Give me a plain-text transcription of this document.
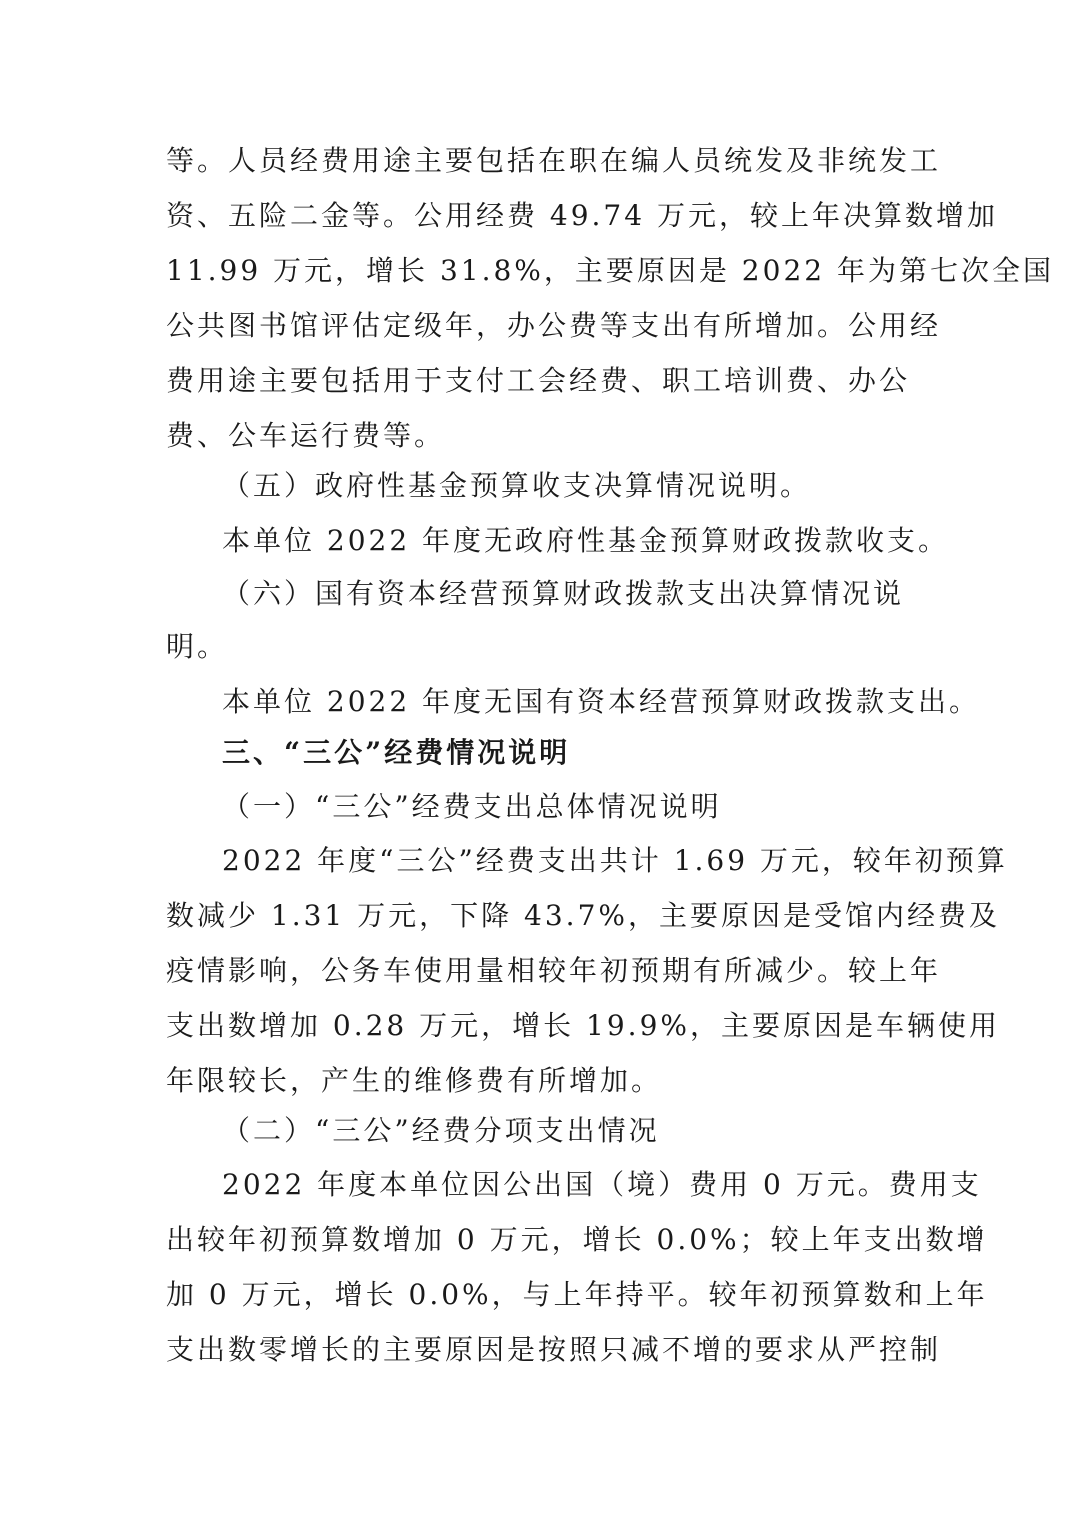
等。人员经费用途主要包括在职在编人员统发及非统发工
资、五险二金等。公用经费 49.74 万元，较上年决算数增加
11.99 万元，增长 31.8%，主要原因是 2022 年为第七次全国
公共图书馆评估定级年，办公费等支出有所增加。公用经
费用途主要包括用于支付工会经费、职工培训费、办公
费、公车运行费等。
（五）政府性基金预算收支决算情况说明。
本单位 2022 年度无政府性基金预算财政拨款收支。
（六）国有资本经营预算财政拨款支出决算情况说
明。
本单位 2022 年度无国有资本经营预算财政拨款支出。
三、“三公”经费情况说明
（一）“三公”经费支出总体情况说明
2022 年度“三公”经费支出共计 1.69 万元，较年初预算
数减少 1.31 万元，下降 43.7%，主要原因是受馆内经费及
疫情影响，公务车使用量相较年初预期有所减少。较上年
支出数增加 0.28 万元，增长 19.9%，主要原因是车辆使用
年限较长，产生的维修费有所增加。
（二）“三公”经费分项支出情况
2022 年度本单位因公出国（境）费用 0 万元。费用支
出较年初预算数增加 0 万元，增长 0.0%；较上年支出数增
加 0 万元，增长 0.0%，与上年持平。较年初预算数和上年
支出数零增长的主要原因是按照只减不增的要求从严控制
